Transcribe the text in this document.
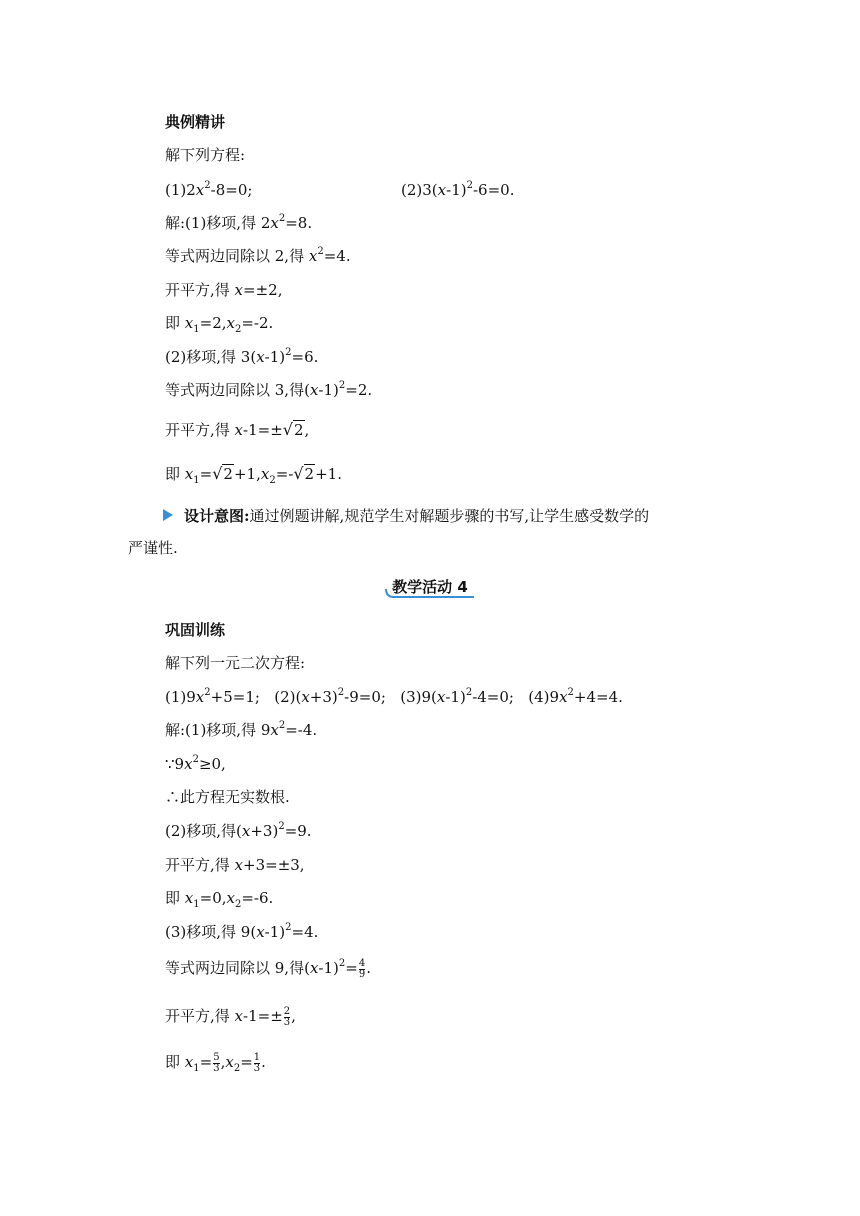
典例精讲
解下列方程:
$(1)2x^2-8=0$;	$(2)3(x-1)^2-6=0$.
解:(1)移项,得 $2x^2=8$.
等式两边同除以 2,得 $x^2=4$.
开平方,得 x=±2,
即 $x_1=2,x_2=-2$.
(2)移项,得 $3(x-1)^2=6$.
等式两边同除以 3,得$(x-1)^2=2$.
开平方,得 x-1=±√2,
即 $x_1=√2+1,x_2=-√2+1$.
设计意图:通过例题讲解,规范学生对解题步骤的书写,让学生感受数学的
严谨性.
教学活动 4
巩固训练
解下列一元二次方程:
$(1)9x^2+5=1$;   $(2)(x+3)^2-9=0$;   $(3)9(x-1)^2-4=0$;   $(4)9x^2+4=4$.
解:(1)移项,得 $9x^2=-4$.
$\because 9x^2\ge 0$,
∴此方程无实数根.
(2)移项,得$(x+3)^2=9$.
开平方,得 x+3=±3,
即 $x_1=0,x_2=-6$.
(3)移项,得 $9(x-1)^2=4$.
等式两边同除以 9,得$(x-1)^2= \frac{4}{9}$ .
开平方,得 $x-1=\pm \frac{2}{3}$ ,
即 $x_1= \frac{5}{3} ,x_2= \frac{1}{3}$ .
